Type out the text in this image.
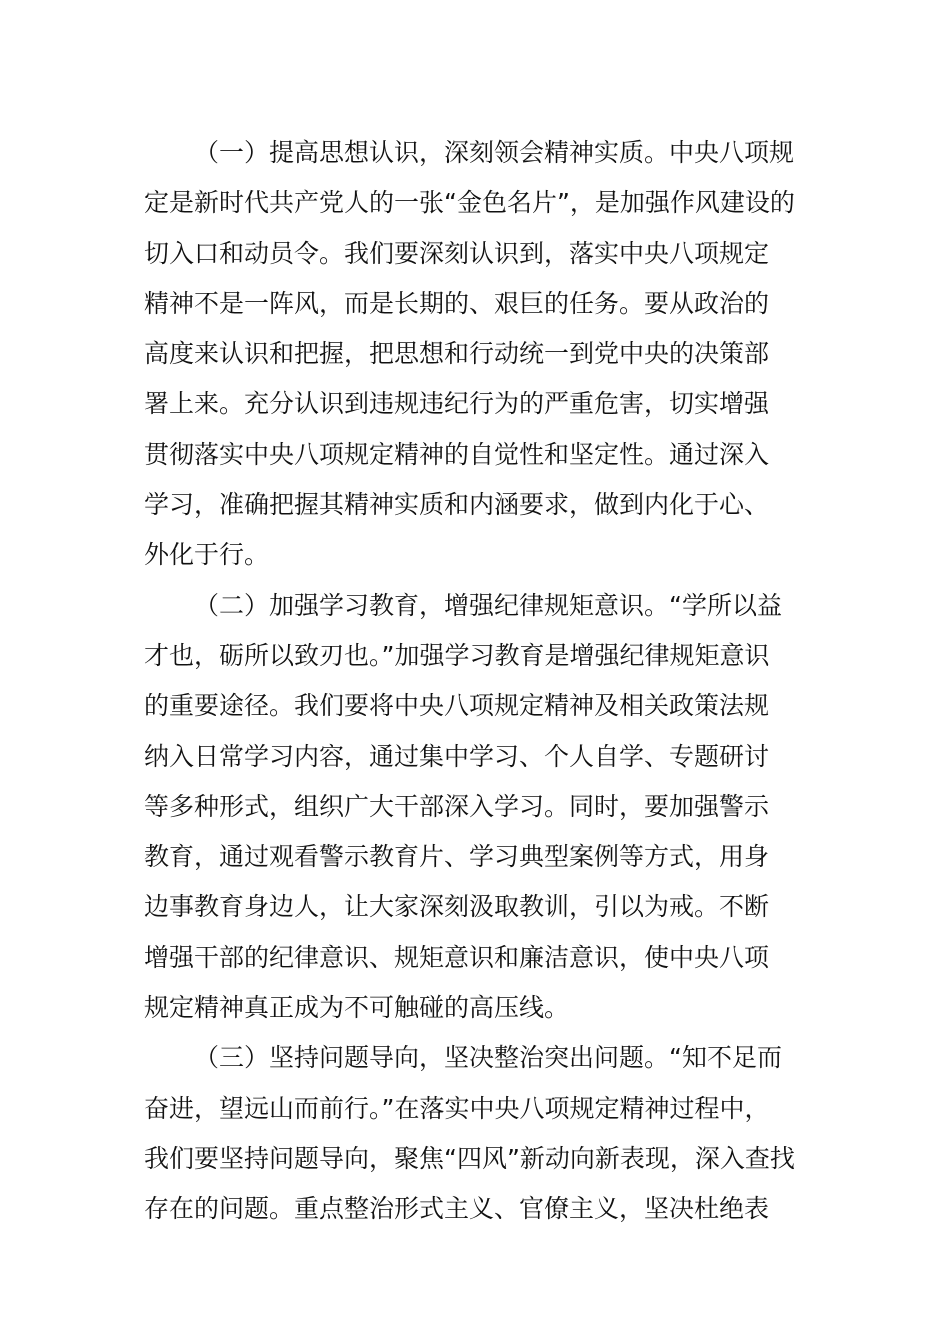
（一）提高思想认识，深刻领会精神实质。中央八项规
定是新时代共产党人的一张“金色名片”，是加强作风建设的
切入口和动员令。我们要深刻认识到，落实中央八项规定
精神不是一阵风，而是长期的、艰巨的任务。要从政治的
高度来认识和把握，把思想和行动统一到党中央的决策部
署上来。充分认识到违规违纪行为的严重危害，切实增强
贯彻落实中央八项规定精神的自觉性和坚定性。通过深入
学习，准确把握其精神实质和内涵要求，做到内化于心、
外化于行。
（二）加强学习教育，增强纪律规矩意识。“学所以益
才也，砺所以致刃也。”加强学习教育是增强纪律规矩意识
的重要途径。我们要将中央八项规定精神及相关政策法规
纳入日常学习内容，通过集中学习、个人自学、专题研讨
等多种形式，组织广大干部深入学习。同时，要加强警示
教育，通过观看警示教育片、学习典型案例等方式，用身
边事教育身边人，让大家深刻汲取教训，引以为戒。不断
增强干部的纪律意识、规矩意识和廉洁意识，使中央八项
规定精神真正成为不可触碰的高压线。
（三）坚持问题导向，坚决整治突出问题。“知不足而
奋进，望远山而前行。”在落实中央八项规定精神过程中，
我们要坚持问题导向，聚焦“四风”新动向新表现，深入查找
存在的问题。重点整治形式主义、官僚主义，坚决杜绝表
